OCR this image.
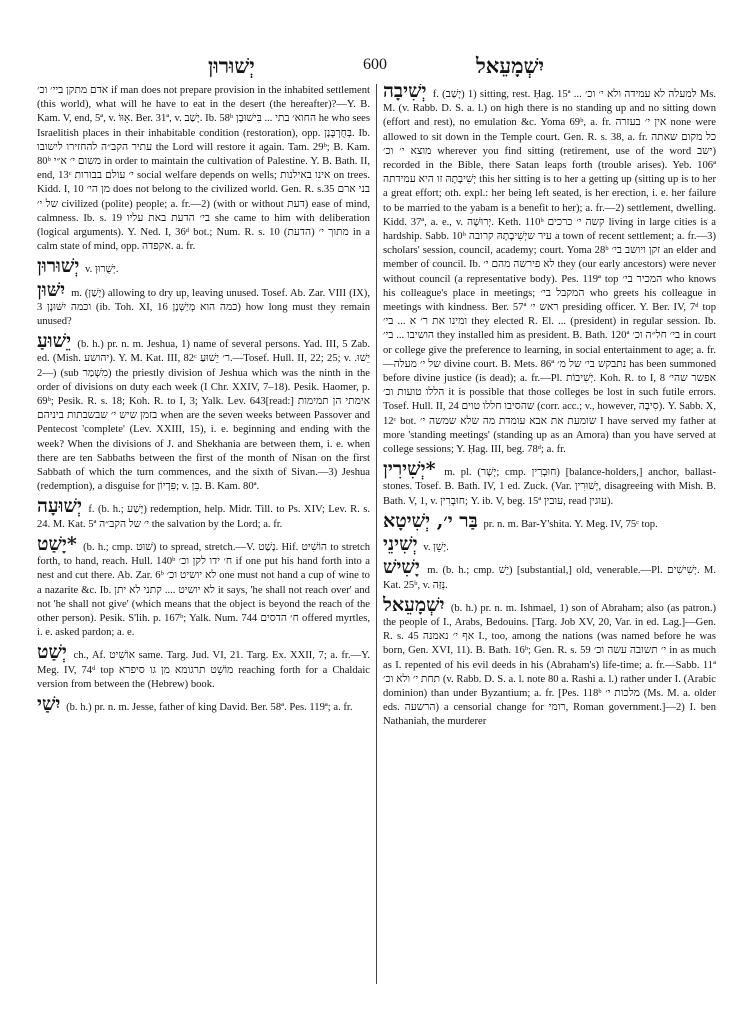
יְשׁוּרוּן	600	יִשְׁמָעֵאל

אדם מתקן ביי׳ וכ׳ if man does not prepare provision in the inhabited settlement (this world), what will he have to eat in the desert (the hereafter)?—Y. B. Kam. V, end, 5ª, v. אֵוּוֹ. Ber. 31ª, v. יָשַׁב. Ib. 58ᵇ החוא׳ בתי ... בִּישׁוּבָן he who sees Israelitish places in their inhabitable condition (restoration), opp. בְּחֻרְבָּנָן. Ib. עתיר הקב״ה להחזירו לישובו the Lord will restore it again. Tam. 29ᵇ; B. Kam. 80ᵇ משום י׳ א״י in order to maintain the cultivation of Palestine. Y. B. Bath. II, end, 13ᶜ י׳ עולם בבורות social welfare depends on wells; אינו באילנות on trees. Kidd. I, 10 מן הי׳ does not belong to the civilized world. Gen. R. s.35 בני ארם של י׳ civilized (polite) people; a. fr.—2) (with or without דעת) ease of mind, calmness. Ib. s. 19 בי׳ הדעת באת עליו she came to him with deliberation (logical arguments). Y. Ned. I, 36ᵈ bot.; Num. R. s. 10 (הדעת) מתוך י׳ in a calm state of mind, opp. אקפדה. a. fr.

יְשׁוּרוּן v. יְשֻׁרוּן.

יִשּׁוּן m. (יָשַׁן) allowing to dry up, leaving unused. Tosef. Ab. Zar. VIII (IX), 3 וכמה יִשּׁוּנָן (ib. Toh. XI, 16 כמה הוא מְיַשְּׁנָן) how long must they remain unused?

יֵשׁוּעַ (b. h.) pr. n. m. Jeshua, 1) name of several persons. Yad. III, 5 Zab. ed. (Mish. יהושע). Y. M. Kat. III, 82ᶜ ר׳ יֵשׁוּעַ.—Tosef. Hull. II, 22; 25; v. יֵשׁוּ.—2) (sub מִשְׁמַר) the priestly division of Jeshua which was the ninth in the order of divisions on duty each week (I Chr. XXIV, 7–18). Pesik. Haomer, p. 69ᵇ; Pesik. R. s. 18; Koh. R. to I, 3; Yalk. Lev. 643[read:] אימתי הן תמימות בזמן שיש י׳ שבשבתות ביניהם when are the seven weeks between Passover and Pentecost 'complete' (Lev. XXIII, 15), i. e. beginning and ending with the week? When the divisions of J. and Shekhania are between them, i. e. when there are ten Sabbaths between the first of the month of Nisan on the first Sabbath of which the turn commences, and the sixth of Sivan.—3) Jeshua (redemption), a disguise for פִּדְיוֹן; v. בֵּן. B. Kam. 80ª.

יְשׁוּעָה f. (b. h.; יָשַׁע) redemption, help. Midr. Till. to Ps. XIV; Lev. R. s. 24. M. Kat. 5ª י׳ של הקב״ה the salvation by the Lord; a. fr.

*יָשַׁט (b. h.; cmp. שׁוּט) to spread, stretch.—V. נָשַׁט. Hif. הוֹשִׁיט to stretch forth, to hand, reach. Hull. 140ᵇ ח׳ ידו לקן וכ׳ if one put his hand forth into a nest and cut there. Ab. Zar. 6ᵇ לא יושיט וכ׳ one must not hand a cup of wine to a nazarite &c. Ib. לא יושיט .... קתני לא יתן it says, 'he shall not reach over' and not 'he shall not give' (which means that the object is beyond the reach of the other person). Pesik. S'lih. p. 167ᵇ; Yalk. Num. 744 ח׳ הדסים offered myrtles, i. e. asked pardon; a. e.

יְשַׁט ch., Af. אוֹשִׁיט same. Targ. Jud. VI, 21. Targ. Ex. XXII, 7; a. fr.—Y. Meg. IV, 74ᵈ top מוֹשֵׁט תרגומא מן גו סיפרא reaching forth for a Chaldaic version from between the (Hebrew) book.

יִשַׁי (b. h.) pr. n. m. Jesse, father of king David. Ber. 58ª. Pes. 119ª; a. fr.

יְשִׁיבָה f. (יָשַׁב) 1) sitting, rest. Ḥag. 15ª ... למעלה לא עמידה ולא י׳ וכ׳ Ms. M. (v. Rabb. D. S. a. l.) on high there is no standing up and no sitting down (effort and rest), no emulation &c. Yoma 69ᵇ, a. fr. אין י׳ בעזרה none were allowed to sit down in the Temple court. Gen. R. s. 38, a. fr. כל מקום שאתה מוצא י׳ וכ׳ wherever you find sitting (retirement, use of the word ישב) recorded in the Bible, there Satan leaps forth (trouble arises). Yeb. 106ª יְשִׁיבָתָהּ זו היא עמידתה this her sitting is to her a getting up (sitting up is to her a great effort; oth. expl.: her being left seated, is her erection, i. e. her failure to be married to the yabam is a benefit to her); a. fr.—2) settlement, dwelling. Kidd. 37ª, a. e., v. יְרוּשָׁה. Keth. 110ᵇ קשה י׳ כרכים living in large cities is a hardship. Sabb. 10ᵇ עיר שיְשִׁיבָתָהּ קרובה a town of recent settlement; a. fr.—3) scholars' session, council, academy; court. Yoma 28ᵇ זקן ויושב בי׳ an elder and member of council. Ib. לא פירשה מהם י׳ they (our early ancestors) were never without council (a representative body). Pes. 119ª top המכיר בי׳ who knows his colleague's place in meetings; המקבל בי׳ who greets his colleague in meetings with kindness. Ber. 57ª ראש י׳ presiding officer. Y. Ber. IV, 7ᵈ top ומינו את ר׳ א ... בי׳ they elected R. El. ... (president) in regular session. Ib. הושיבו ... בי׳ they installed him as president. B. Bath. 120ª בי׳ חל״ה וכ׳ in court or college give the preference to learning, in social entertainment to age; a. fr.—של י׳ מעלה divine court. B. Mets. 86ª נתבקש בי׳ של מ׳ has been summoned before divine justice (is dead); a. fr.—Pl. יְשִׁיבוֹת. Koh. R. to I, 8 אפשר שהי׳ הללו טועות וכ׳ it is possible that those colleges be lost in such futile errors. Tosef. Hull. II, 24 שהסיבו חללו טוים (corr. acc.; v., however, סִיבָה). Y. Sabb. X, 12ᶜ bot. שומעת את אבא עומדת מה שלא שמשה י׳ I have served my father at more 'standing meetings' (standing up as an Amora) than you have served at college sessions; Y. Ḥag. III, beg. 78ᵈ; a. fr.

*יְשִׁירִין m. pl. (יְשָׁר; cmp. חוּבְרִין) [balance-holders,] anchor, ballast-stones. Tosef. B. Bath. IV, 1 ed. Zuck. (Var. יְשׁוּרִין, disagreeing with Mish. B. Bath. V, 1, v. חוּבְרִין; Y. ib. V, beg. 15ª עובין, read עוגין).

בַּר י׳, יְשִׁיטָא pr. n. m. Bar-Y'shita. Y. Meg. IV, 75ᶜ top.

יְשִׁינֵי v. יָשֵׁן.

יָשִׁישׁ m. (b. h.; cmp. יֵשׁ) [substantial,] old, venerable.—Pl. יְשִׁישִׁים. M. Kat. 25ᵇ, v. נְּזַּה.

יִשְׁמָעֵאל (b. h.) pr. n. m. Ishmael, 1) son of Abraham; also (as patron.) the people of I., Arabs, Bedouins. [Targ. Job XV, 20, Var. in ed. Lag.]—Gen. R. s. 45 אף י׳ נאמנה I., too, among the nations (was named before he was born, Gen. XVI, 11). B. Bath. 16ᵇ; Gen. R. s. 59 י׳ תשובה עשה וכ׳ in as much as I. repented of his evil deeds in his (Abraham's) life-time; a. fr.—Sabb. 11ª תחת י׳ ולא וכ׳ (v. Rabb. D. S. a. l. note 80 a. Rashi a. l.) rather under I. (Arabic dominion) than under Byzantium; a. fr. [Pes. 118ᵇ מלכות י׳ (Ms. M. a. older eds. הרשעה) a censorial change for רומי, Roman government.]—2) I. ben Nathaniah, the murderer
